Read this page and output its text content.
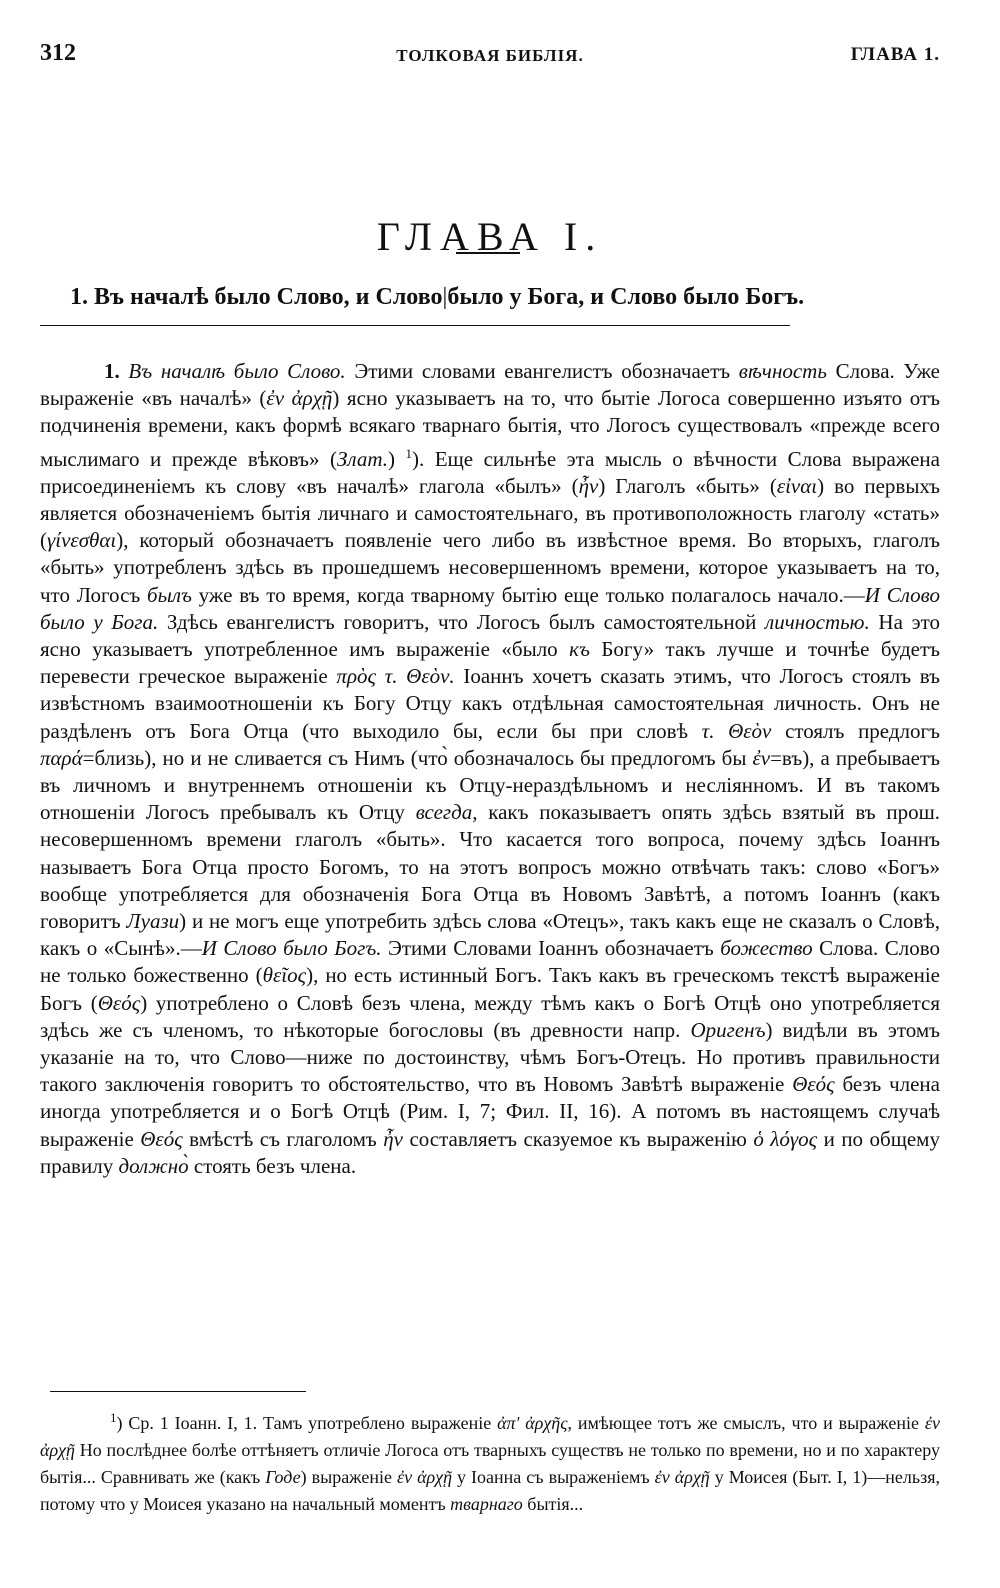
312	ТОЛКОВАЯ БИБЛІЯ.	ГЛАВА 1.
ГЛАВА I.
1. Въ началѣ было Слово, и Слово|было у Бога, и Слово было Богъ.

1. Въ началѣ было Слово. Этими словами евангелистъ обозначаетъ вѣчность Слова. Уже выраженіе «въ началѣ» (ἐν ἀρχῇ) ясно указываетъ на то, что бытіе Логоса совершенно изъято отъ подчиненія времени, какъ формѣ всякаго тварнаго бытія, что Логосъ существовалъ «прежде всего мыслимаго и прежде вѣковъ» (Злат.) $^1$). Еще сильнѣе эта мысль о вѣчности Слова выражена присоединеніемъ къ слову «въ началѣ» глагола «былъ» (ἦν) Глаголъ «быть» (εἰναι) во первыхъ является обозначеніемъ бытія личнаго и самостоятельнаго, въ противоположность глаголу «стать» (γίνεσθαι), который обозначаетъ появленіе чего либо въ извѣстное время. Во вторыхъ, глаголъ «быть» употребленъ здѣсь въ прошедшемъ несовершенномъ времени, которое указываетъ на то, что Логосъ былъ уже въ то время, когда тварному бытію еще только полагалось начало.—И Слово было у Бога. Здѣсь евангелистъ говоритъ, что Логосъ былъ самостоятельной личностью. На это ясно указываетъ употребленное имъ выраженіе «было къ Богу» такъ лучше и точнѣе будетъ перевести греческое выраженіе πρὸς τ. Θεὸν. Іоаннъ хочетъ сказать этимъ, что Логосъ стоялъ въ извѣстномъ взаимоотношеніи къ Богу Отцу какъ отдѣльная самостоятельная личность. Онъ не раздѣленъ отъ Бога Отца (что выходило бы, если бы при словѣ τ. Θεὸν стоялъ предлогъ παρά=близь), но и не сливается съ Нимъ (что̀ обозначалось бы предлогомъ бы ἐν=въ), а пребываетъ въ личномъ и внутреннемъ отношеніи къ Отцу-нераздѣльномъ и неслiянномъ. И въ такомъ отношеніи Логосъ пребывалъ къ Отцу всегда, какъ показываетъ опять здѣсь взятый въ прош. несовершенномъ времени глаголъ «быть». Что касается того вопроса, почему здѣсь Іоаннъ называетъ Бога Отца просто Богомъ, то на этотъ вопросъ можно отвѣчать такъ: слово «Богъ» вообще употребляется для обозначенія Бога Отца въ Новомъ Завѣтѣ, а потомъ Іоаннъ (какъ говоритъ Луази) и не могъ еще употребить здѣсь слова «Отецъ», такъ какъ еще не сказалъ о Словѣ, какъ о «Сынѣ».—И Слово было Богъ. Этими Словами Іоаннъ обозначаетъ божество Слова. Слово не только божественно (θεῖος), но есть истинный Богъ. Такъ какъ въ греческомъ текстѣ выраженіе Богъ (Θεός) употреблено о Словѣ безъ члена, между тѣмъ какъ о Богѣ Отцѣ оно употребляется здѣсь же съ членомъ, то нѣкоторые богословы (въ древности напр. Оригенъ) видѣли въ этомъ указаніе на то, что Слово—ниже по достоинству, чѣмъ Богъ-Отецъ. Но противъ правильности такого заключенія говоритъ то обстоятельство, что въ Новомъ Завѣтѣ выраженіе Θεός безъ члена иногда употребляется и о Богѣ Отцѣ (Рим. I, 7; Фил. II, 16). А потомъ въ настоящемъ случаѣ выраженіе Θεός вмѣстѣ съ глаголомъ ἦν составляетъ сказуемое къ выраженію ὁ λόγος и по общему правилу должно̀ стоять безъ члена.

$^1$) Ср. 1 Іоанн. I, 1. Тамъ употреблено выраженіе ἀπ' ἀρχῆς, имѣющее тотъ же смыслъ, что и выраженіе ἐν ἀρχῇ Но послѣднее болѣе оттѣняетъ отличіе Логоса отъ тварныхъ существъ не только по времени, но и по характеру бытія... Сравнивать же (какъ Годе) выраженіе ἐν ἀρχῇ у Іоанна съ выраженіемъ ἐν ἀρχῇ у Моисея (Быт. I, 1)—нельзя, потому что у Моисея указано на начальный моментъ тварнаго бытія...
